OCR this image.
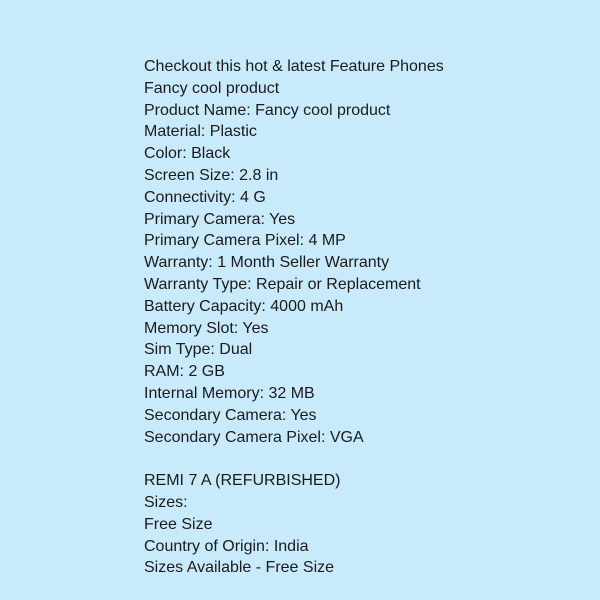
Checkout this hot & latest Feature Phones
Fancy cool product
Product Name: Fancy cool product
Material: Plastic
Color: Black
Screen Size: 2.8 in
Connectivity: 4 G
Primary Camera: Yes
Primary Camera Pixel: 4 MP
Warranty: 1 Month Seller Warranty
Warranty Type: Repair or Replacement
Battery Capacity: 4000 mAh
Memory Slot: Yes
Sim Type: Dual
RAM: 2 GB
Internal Memory: 32 MB
Secondary Camera: Yes
Secondary Camera Pixel: VGA
REMI 7 A (REFURBISHED)
Sizes:
Free Size
Country of Origin: India
Sizes Available - Free Size
